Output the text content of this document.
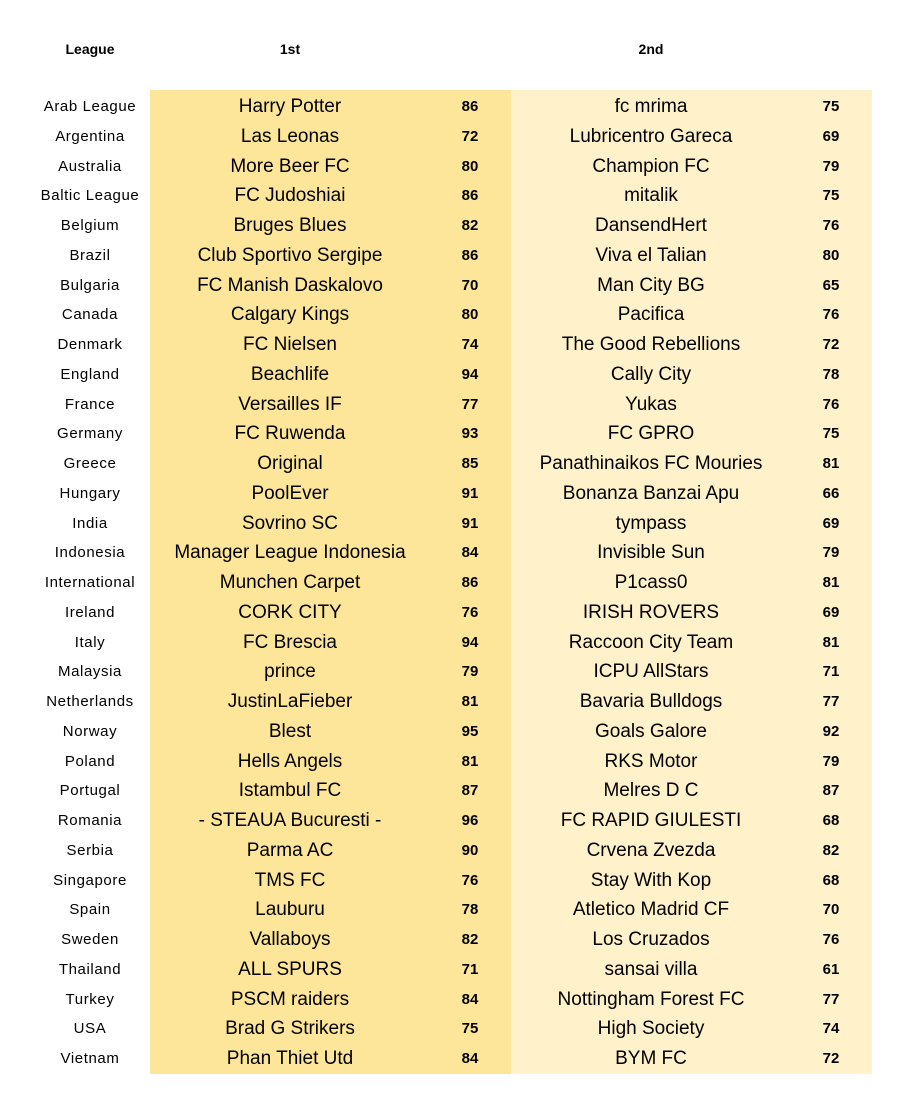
League	1st	2nd
Arab League	Harry Potter	86	fc mrima	75
Argentina	Las Leonas	72	Lubricentro Gareca	69
Australia	More Beer FC	80	Champion FC	79
Baltic League	FC Judoshiai	86	mitalik	75
Belgium	Bruges Blues	82	DansendHert	76
Brazil	Club Sportivo Sergipe	86	Viva el Talian	80
Bulgaria	FC Manish Daskalovo	70	Man City BG	65
Canada	Calgary Kings	80	Pacifica	76
Denmark	FC Nielsen	74	The Good Rebellions	72
England	Beachlife	94	Cally City	78
France	Versailles IF	77	Yukas	76
Germany	FC Ruwenda	93	FC GPRO	75
Greece	Original	85	Panathinaikos FC Mouries	81
Hungary	PoolEver	91	Bonanza Banzai Apu	66
India	Sovrino SC	91	tympass	69
Indonesia	Manager League Indonesia	84	Invisible Sun	79
International	Munchen Carpet	86	P1cass0	81
Ireland	CORK CITY	76	IRISH ROVERS	69
Italy	FC Brescia	94	Raccoon City Team	81
Malaysia	prince	79	ICPU AllStars	71
Netherlands	JustinLaFieber	81	Bavaria Bulldogs	77
Norway	Blest	95	Goals Galore	92
Poland	Hells Angels	81	RKS Motor	79
Portugal	Istambul FC	87	Melres D C	87
Romania	- STEAUA Bucuresti -	96	FC RAPID GIULESTI	68
Serbia	Parma AC	90	Crvena Zvezda	82
Singapore	TMS FC	76	Stay With Kop	68
Spain	Lauburu	78	Atletico Madrid CF	70
Sweden	Vallaboys	82	Los Cruzados	76
Thailand	ALL SPURS	71	sansai villa	61
Turkey	PSCM raiders	84	Nottingham Forest FC	77
USA	Brad G Strikers	75	High Society	74
Vietnam	Phan Thiet Utd	84	BYM FC	72
